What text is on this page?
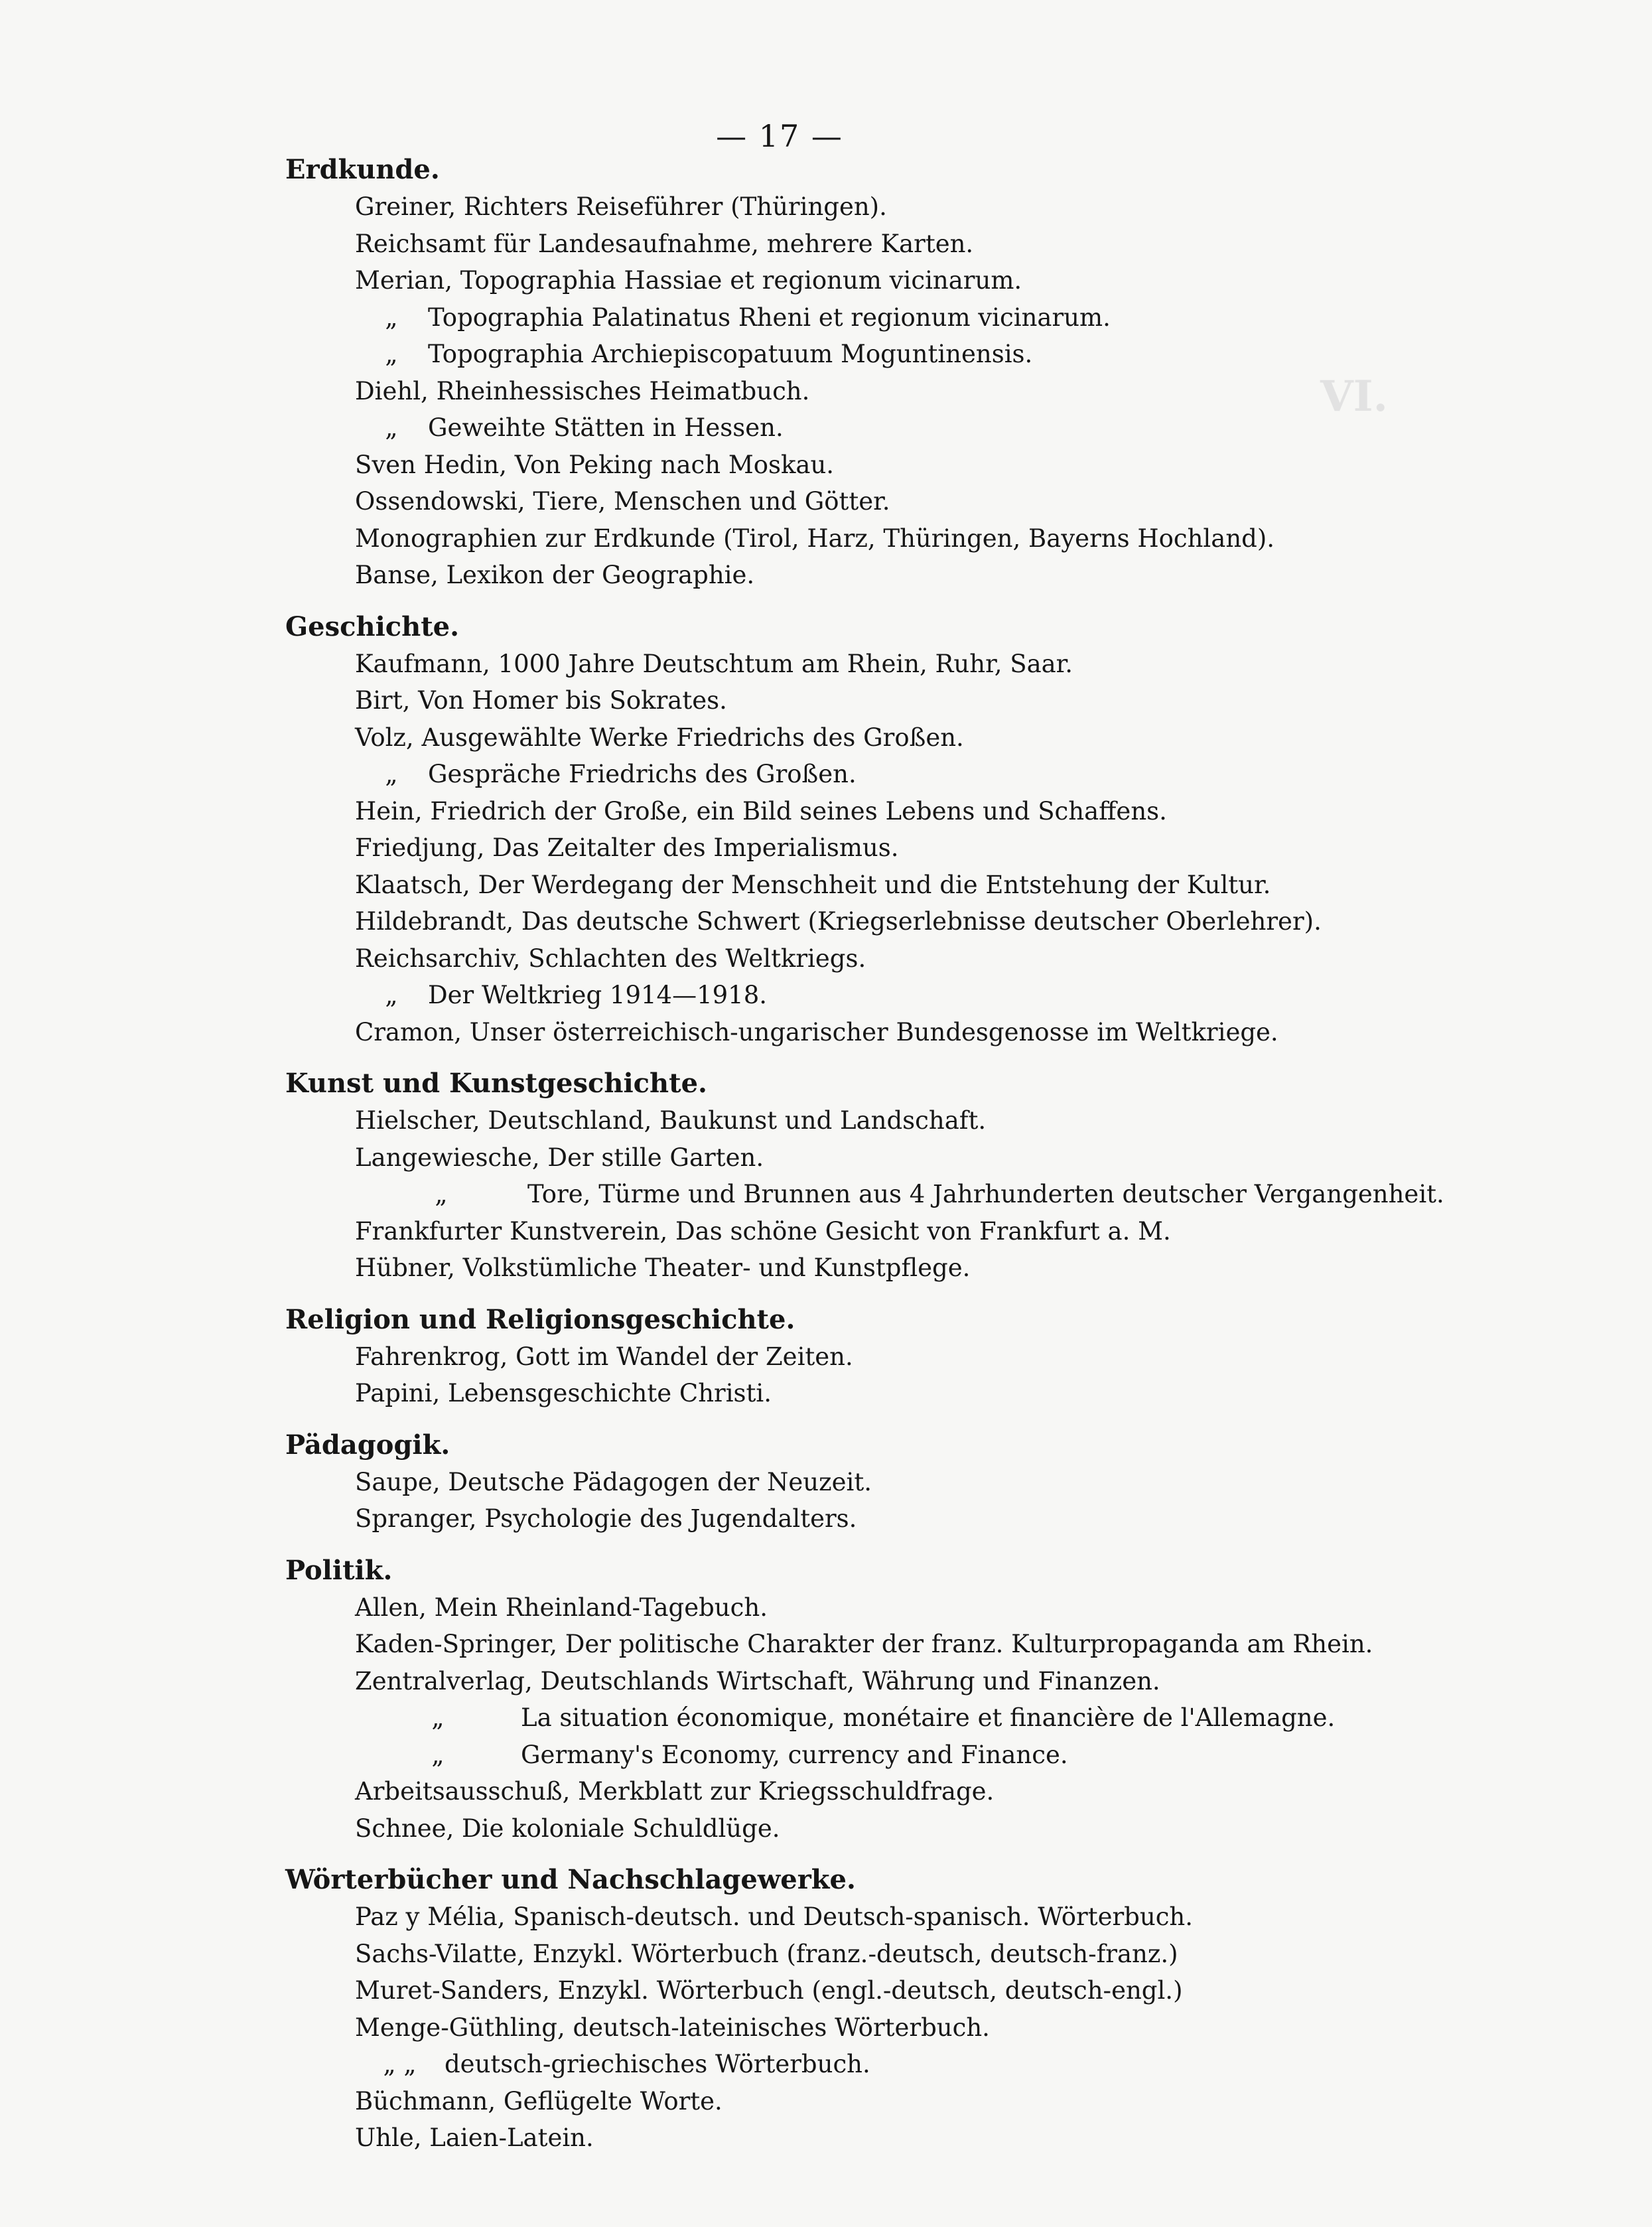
— 17 —
VI.
Erdkunde.
Greiner, Richters Reiseführer (Thüringen).
Reichsamt für Landesaufnahme, mehrere Karten.
Merian, Topographia Hassiae et regionum vicinarum.
„ Topographia Palatinatus Rheni et regionum vicinarum.
„ Topographia Archiepiscopatuum Moguntinensis.
Diehl, Rheinhessisches Heimatbuch.
„ Geweihte Stätten in Hessen.
Sven Hedin, Von Peking nach Moskau.
Ossendowski, Tiere, Menschen und Götter.
Monographien zur Erdkunde (Tirol, Harz, Thüringen, Bayerns Hochland).
Banse, Lexikon der Geographie.
Geschichte.
Kaufmann, 1000 Jahre Deutschtum am Rhein, Ruhr, Saar.
Birt, Von Homer bis Sokrates.
Volz, Ausgewählte Werke Friedrichs des Großen.
„ Gespräche Friedrichs des Großen.
Hein, Friedrich der Große, ein Bild seines Lebens und Schaffens.
Friedjung, Das Zeitalter des Imperialismus.
Klaatsch, Der Werdegang der Menschheit und die Entstehung der Kultur.
Hildebrandt, Das deutsche Schwert (Kriegserlebnisse deutscher Oberlehrer).
Reichsarchiv, Schlachten des Weltkriegs.
„ Der Weltkrieg 1914—1918.
Cramon, Unser österreichisch-ungarischer Bundesgenosse im Weltkriege.
Kunst und Kunstgeschichte.
Hielscher, Deutschland, Baukunst und Landschaft.
Langewiesche, Der stille Garten.
„	Tore, Türme und Brunnen aus 4 Jahrhunderten deutscher Vergangenheit.
Frankfurter Kunstverein, Das schöne Gesicht von Frankfurt a. M.
Hübner, Volkstümliche Theater- und Kunstpflege.
Religion und Religionsgeschichte.
Fahrenkrog, Gott im Wandel der Zeiten.
Papini, Lebensgeschichte Christi.
Pädagogik.
Saupe, Deutsche Pädagogen der Neuzeit.
Spranger, Psychologie des Jugendalters.
Politik.
Allen, Mein Rheinland-Tagebuch.
Kaden-Springer, Der politische Charakter der franz. Kulturpropaganda am Rhein.
Zentralverlag, Deutschlands Wirtschaft, Währung und Finanzen.
„	La situation économique, monétaire et financière de l'Allemagne.
„	Germany's Economy, currency and Finance.
Arbeitsausschuß, Merkblatt zur Kriegsschuldfrage.
Schnee, Die koloniale Schuldlüge.
Wörterbücher und Nachschlagewerke.
Paz y Mélia, Spanisch-deutsch. und Deutsch-spanisch. Wörterbuch.
Sachs-Vilatte, Enzykl. Wörterbuch (franz.-deutsch, deutsch-franz.)
Muret-Sanders, Enzykl. Wörterbuch (engl.-deutsch, deutsch-engl.)
Menge-Güthling, deutsch-lateinisches Wörterbuch.
„ „ deutsch-griechisches Wörterbuch.
Büchmann, Geflügelte Worte.
Uhle, Laien-Latein.
